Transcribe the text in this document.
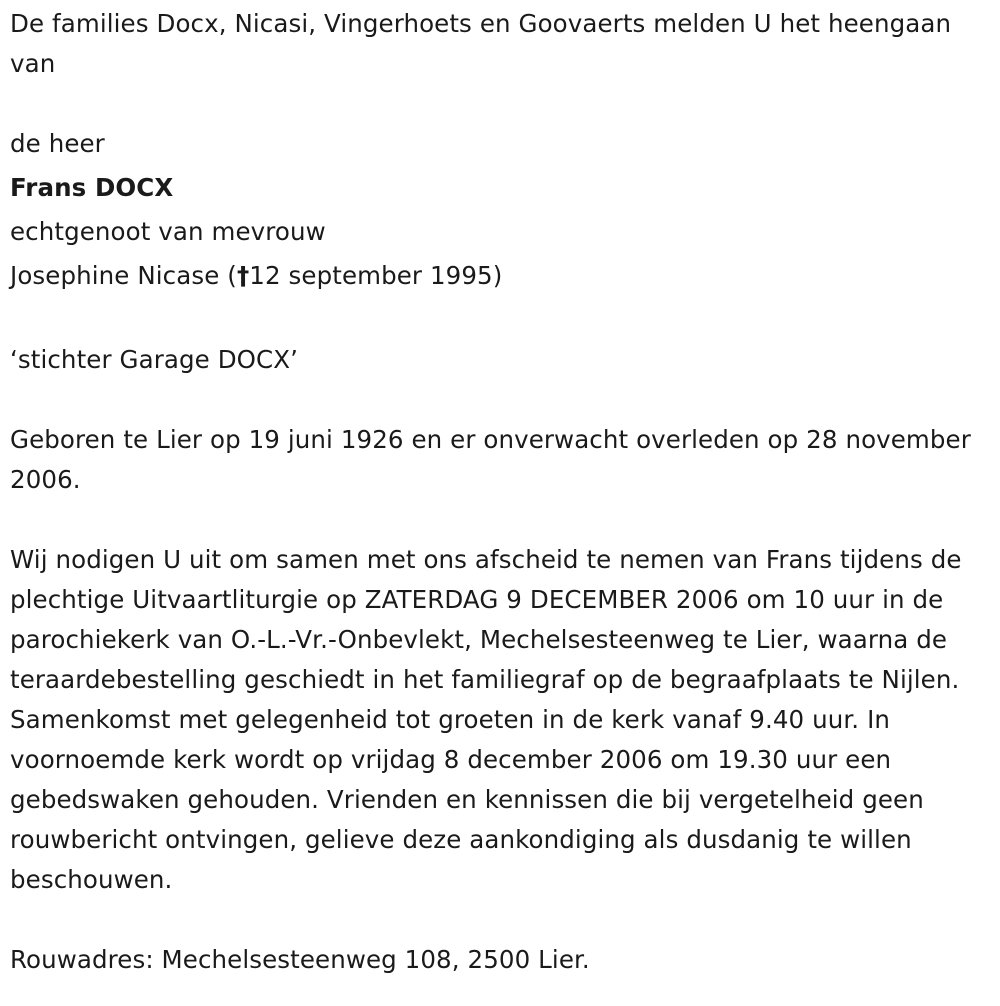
De families Docx, Nicasi, Vingerhoets en Goovaerts melden U het heengaan van

de heer

Frans DOCX

echtgenoot van mevrouw

Josephine Nicase (†12 september 1995)

‘stichter Garage DOCX’

Geboren te Lier op 19 juni 1926 en er onverwacht overleden op 28 november 2006.

Wij nodigen U uit om samen met ons afscheid te nemen van Frans tijdens de plechtige Uitvaartliturgie op ZATERDAG 9 DECEMBER 2006 om 10 uur in de parochiekerk van O.-L.-Vr.-Onbevlekt, Mechelsesteenweg te Lier, waarna de teraardebestelling geschiedt in het familiegraf op de begraafplaats te Nijlen. Samenkomst met gelegenheid tot groeten in de kerk vanaf 9.40 uur. In voornoemde kerk wordt op vrijdag 8 december 2006 om 19.30 uur een gebedswaken gehouden. Vrienden en kennissen die bij vergetelheid geen rouwbericht ontvingen, gelieve deze aankondiging als dusdanig te willen beschouwen.

Rouwadres: Mechelsesteenweg 108, 2500 Lier.
